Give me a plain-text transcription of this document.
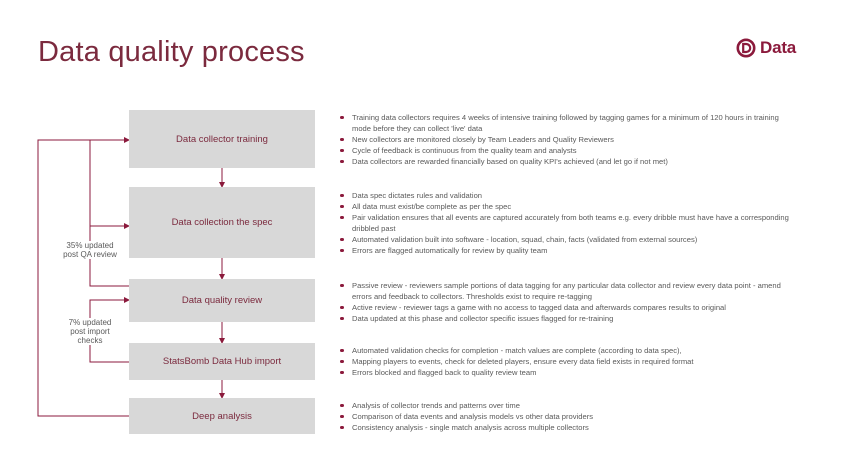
Data quality process	Data
Data collector training
Data collection the spec
Data quality review
StatsBomb Data Hub import
Deep analysis
35% updated post QA review
7% updated post import checks
Training data collectors requires 4 weeks of intensive training followed by tagging games for a minimum of 120 hours in training mode before they can collect 'live' data
New collectors are monitored closely by Team Leaders and Quality Reviewers
Cycle of feedback is continuous from the quality team and analysts
Data collectors are rewarded financially based on quality KPI's achieved (and let go if not met)
Data spec dictates rules and validation
All data must exist/be complete as per the spec
Pair validation ensures that all events are captured accurately from both teams e.g. every dribble must have have a corresponding dribbled past
Automated validation built into software - location, squad, chain, facts (validated from external sources)
Errors are flagged automatically for review by quality team
Passive review - reviewers sample portions of data tagging for any particular data collector and review every data point - amend errors and feedback to collectors. Thresholds exist to require re-tagging
Active review - reviewer tags a game with no access to tagged data and afterwards compares results to original
Data updated at this phase and collector specific issues flagged for re-training
Automated validation checks for completion - match values are complete (according to data spec),
Mapping players to events, check for deleted players, ensure every data field exists in required format
Errors blocked and flagged back to quality review team
Analysis of collector trends and patterns over time
Comparison of data events and analysis models vs other data providers
Consistency analysis - single match analysis across multiple collectors
